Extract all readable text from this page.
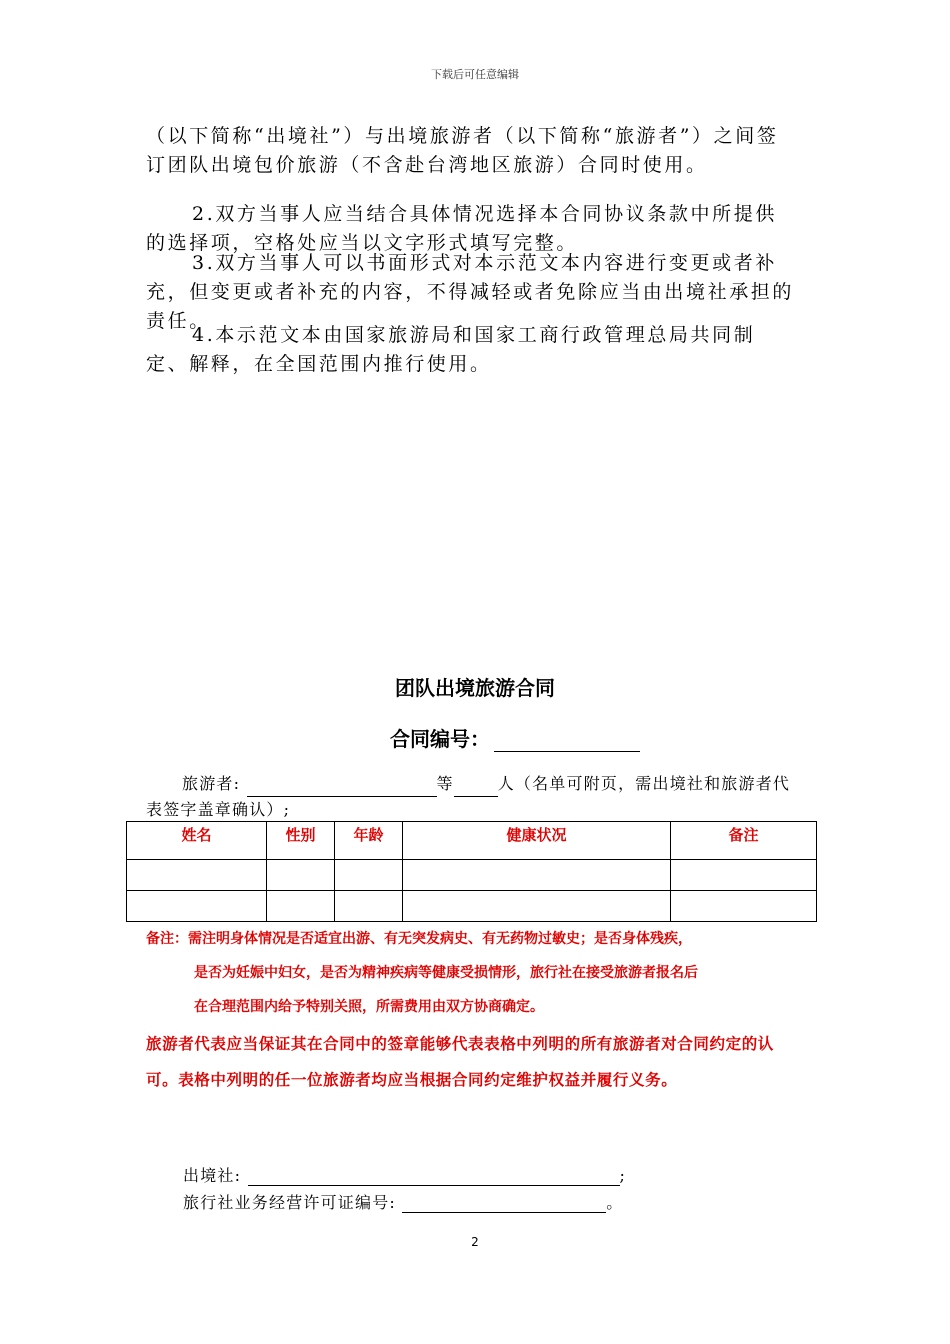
下载后可任意编辑

（以下简称“出境社”）与出境旅游者（以下简称“旅游者”）之间签订团队出境包价旅游（不含赴台湾地区旅游）合同时使用。

2.双方当事人应当结合具体情况选择本合同协议条款中所提供的选择项，空格处应当以文字形式填写完整。

3.双方当事人可以书面形式对本示范文本内容进行变更或者补充，但变更或者补充的内容，不得减轻或者免除应当由出境社承担的责任。

4.本示范文本由国家旅游局和国家工商行政管理总局共同制定、解释，在全国范围内推行使用。

团队出境旅游合同
合同编号：
旅游者:	等	人（名单可附页，需出境社和旅游者代表签字盖章确认）;
姓名	性别	年龄	健康状况	备注

备注：需注明身体情况是否适宜出游、有无突发病史、有无药物过敏史；是否身体残疾，
是否为妊娠中妇女，是否为精神疾病等健康受损情形，旅行社在接受旅游者报名后
在合理范围内给予特别关照，所需费用由双方协商确定。
旅游者代表应当保证其在合同中的签章能够代表表格中列明的所有旅游者对合同约定的认可。表格中列明的任一位旅游者均应当根据合同约定维护权益并履行义务。
出境社:	;
旅行社业务经营许可证编号:	。
2
